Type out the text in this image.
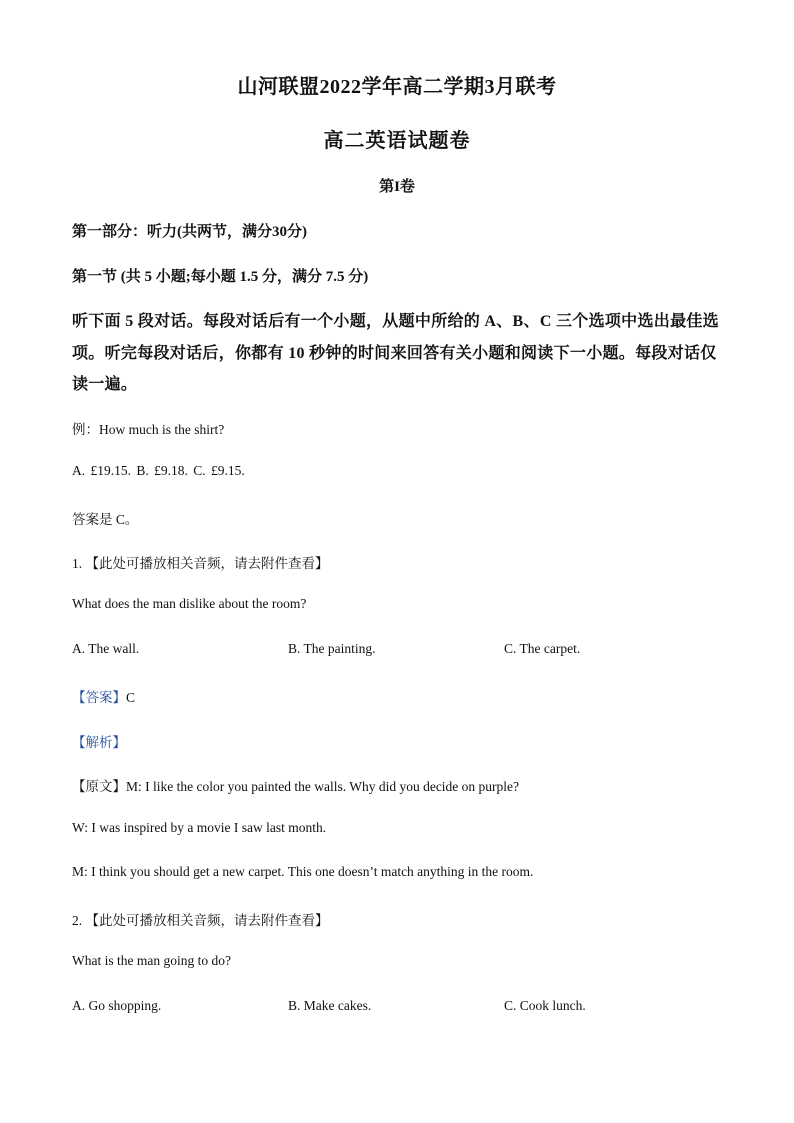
山河联盟2022学年高二学期3月联考
高二英语试题卷
第I卷
第一部分：听力(共两节，满分30分)
第一节 (共 5 小题;每小题 1.5 分，满分 7.5 分)
听下面 5 段对话。每段对话后有一个小题，从题中所给的 A、B、C 三个选项中选出最佳选项。听完每段对话后，你都有 10 秒钟的时间来回答有关小题和阅读下一小题。每段对话仅读一遍。
例：How much is the shirt?
A. £19.15. B. £9.18. C. £9.15.
答案是 C。
1. 【此处可播放相关音频，请去附件查看】
What does the man dislike about the room?
A. The wall.	B. The painting.	C. The carpet.
【答案】C
【解析】
【原文】M: I like the color you painted the walls. Why did you decide on purple?
W: I was inspired by a movie I saw last month.
M: I think you should get a new carpet. This one doesn’t match anything in the room.
2. 【此处可播放相关音频，请去附件查看】
What is the man going to do?
A. Go shopping.	B. Make cakes.	C. Cook lunch.
